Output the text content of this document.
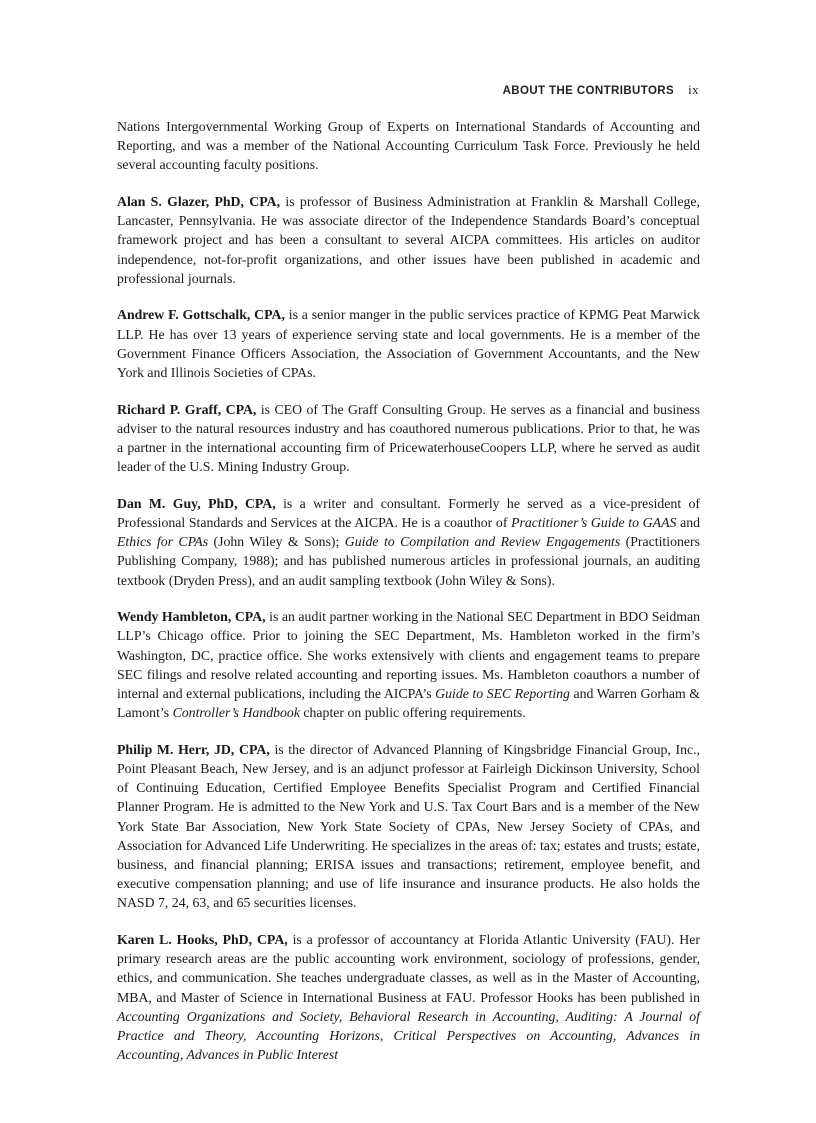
ABOUT THE CONTRIBUTORS ix

Nations Intergovernmental Working Group of Experts on International Standards of Accounting and Reporting, and was a member of the National Accounting Curriculum Task Force. Previously he held several accounting faculty positions.

Alan S. Glazer, PhD, CPA, is professor of Business Administration at Franklin & Marshall College, Lancaster, Pennsylvania. He was associate director of the Independence Standards Board’s conceptual framework project and has been a consultant to several AICPA committees. His articles on auditor independence, not-for-profit organizations, and other issues have been published in academic and professional journals.

Andrew F. Gottschalk, CPA, is a senior manger in the public services practice of KPMG Peat Marwick LLP. He has over 13 years of experience serving state and local governments. He is a member of the Government Finance Officers Association, the Association of Government Accountants, and the New York and Illinois Societies of CPAs.

Richard P. Graff, CPA, is CEO of The Graff Consulting Group. He serves as a financial and business adviser to the natural resources industry and has coauthored numerous publications. Prior to that, he was a partner in the international accounting firm of PricewaterhouseCoopers LLP, where he served as audit leader of the U.S. Mining Industry Group.

Dan M. Guy, PhD, CPA, is a writer and consultant. Formerly he served as a vice-president of Professional Standards and Services at the AICPA. He is a coauthor of Practitioner’s Guide to GAAS and Ethics for CPAs (John Wiley & Sons); Guide to Compilation and Review Engagements (Practitioners Publishing Company, 1988); and has published numerous articles in professional journals, an auditing textbook (Dryden Press), and an audit sampling textbook (John Wiley & Sons).

Wendy Hambleton, CPA, is an audit partner working in the National SEC Department in BDO Seidman LLP’s Chicago office. Prior to joining the SEC Department, Ms. Hambleton worked in the firm’s Washington, DC, practice office. She works extensively with clients and engagement teams to prepare SEC filings and resolve related accounting and reporting issues. Ms. Hambleton coauthors a number of internal and external publications, including the AICPA’s Guide to SEC Reporting and Warren Gorham & Lamont’s Controller’s Handbook chapter on public offering requirements.

Philip M. Herr, JD, CPA, is the director of Advanced Planning of Kingsbridge Financial Group, Inc., Point Pleasant Beach, New Jersey, and is an adjunct professor at Fairleigh Dickinson University, School of Continuing Education, Certified Employee Benefits Specialist Program and Certified Financial Planner Program. He is admitted to the New York and U.S. Tax Court Bars and is a member of the New York State Bar Association, New York State Society of CPAs, New Jersey Society of CPAs, and Association for Advanced Life Underwriting. He specializes in the areas of: tax; estates and trusts; estate, business, and financial planning; ERISA issues and transactions; retirement, employee benefit, and executive compensation planning; and use of life insurance and insurance products. He also holds the NASD 7, 24, 63, and 65 securities licenses.

Karen L. Hooks, PhD, CPA, is a professor of accountancy at Florida Atlantic University (FAU). Her primary research areas are the public accounting work environment, sociology of professions, gender, ethics, and communication. She teaches undergraduate classes, as well as in the Master of Accounting, MBA, and Master of Science in International Business at FAU. Professor Hooks has been published in Accounting Organizations and Society, Behavioral Research in Accounting, Auditing: A Journal of Practice and Theory, Accounting Horizons, Critical Perspectives on Accounting, Advances in Accounting, Advances in Public Interest
